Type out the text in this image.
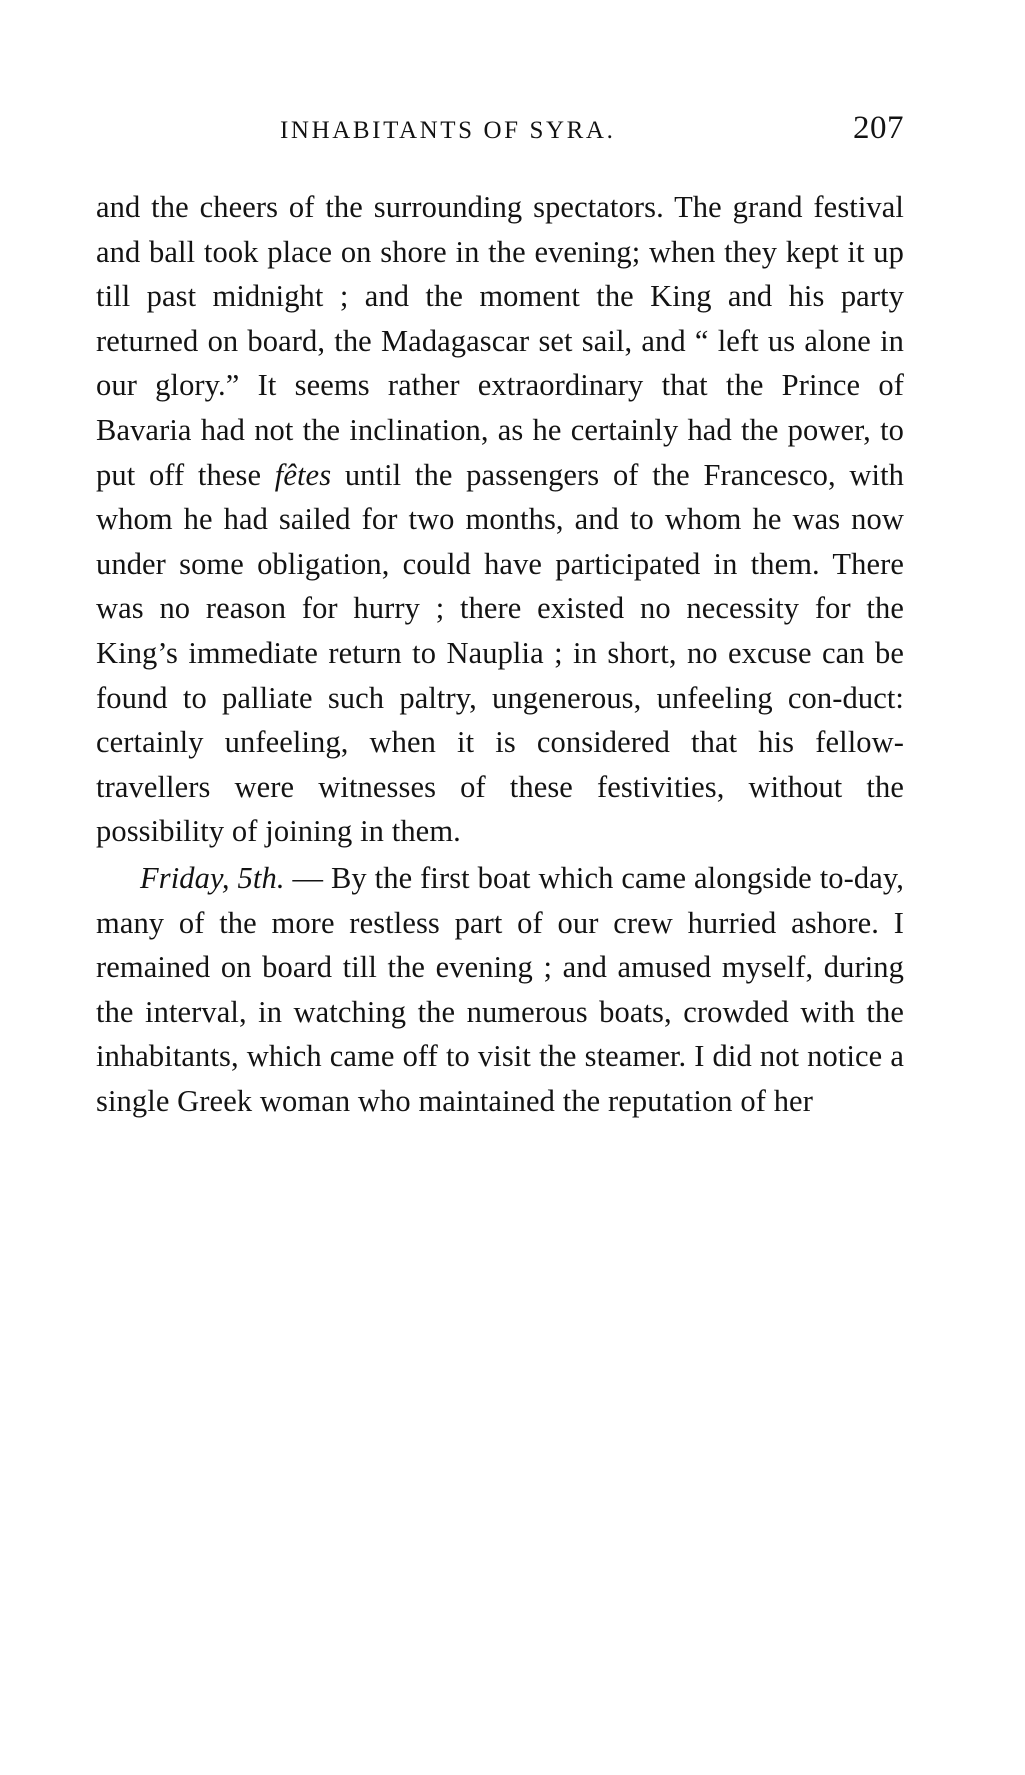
INHABITANTS OF SYRA.	207

and the cheers of the surrounding spectators. The grand festival and ball took place on shore in the evening; when they kept it up till past midnight ; and the moment the King and his party returned on board, the Madagascar set sail, and “ left us alone in our glory.” It seems rather extraordinary that the Prince of Bavaria had not the inclination, as he certainly had the power, to put off these fêtes until the passengers of the Francesco, with whom he had sailed for two months, and to whom he was now under some obligation, could have participated in them. There was no reason for hurry ; there existed no necessity for the King’s immediate return to Nauplia ; in short, no excuse can be found to palliate such paltry, ungenerous, unfeeling con-duct: certainly unfeeling, when it is considered that his fellow-travellers were witnesses of these festivities, without the possibility of joining in them.

Friday, 5th. — By the first boat which came alongside to-day, many of the more restless part of our crew hurried ashore. I remained on board till the evening ; and amused myself, during the interval, in watching the numerous boats, crowded with the inhabitants, which came off to visit the steamer. I did not notice a single Greek woman who maintained the reputation of her
